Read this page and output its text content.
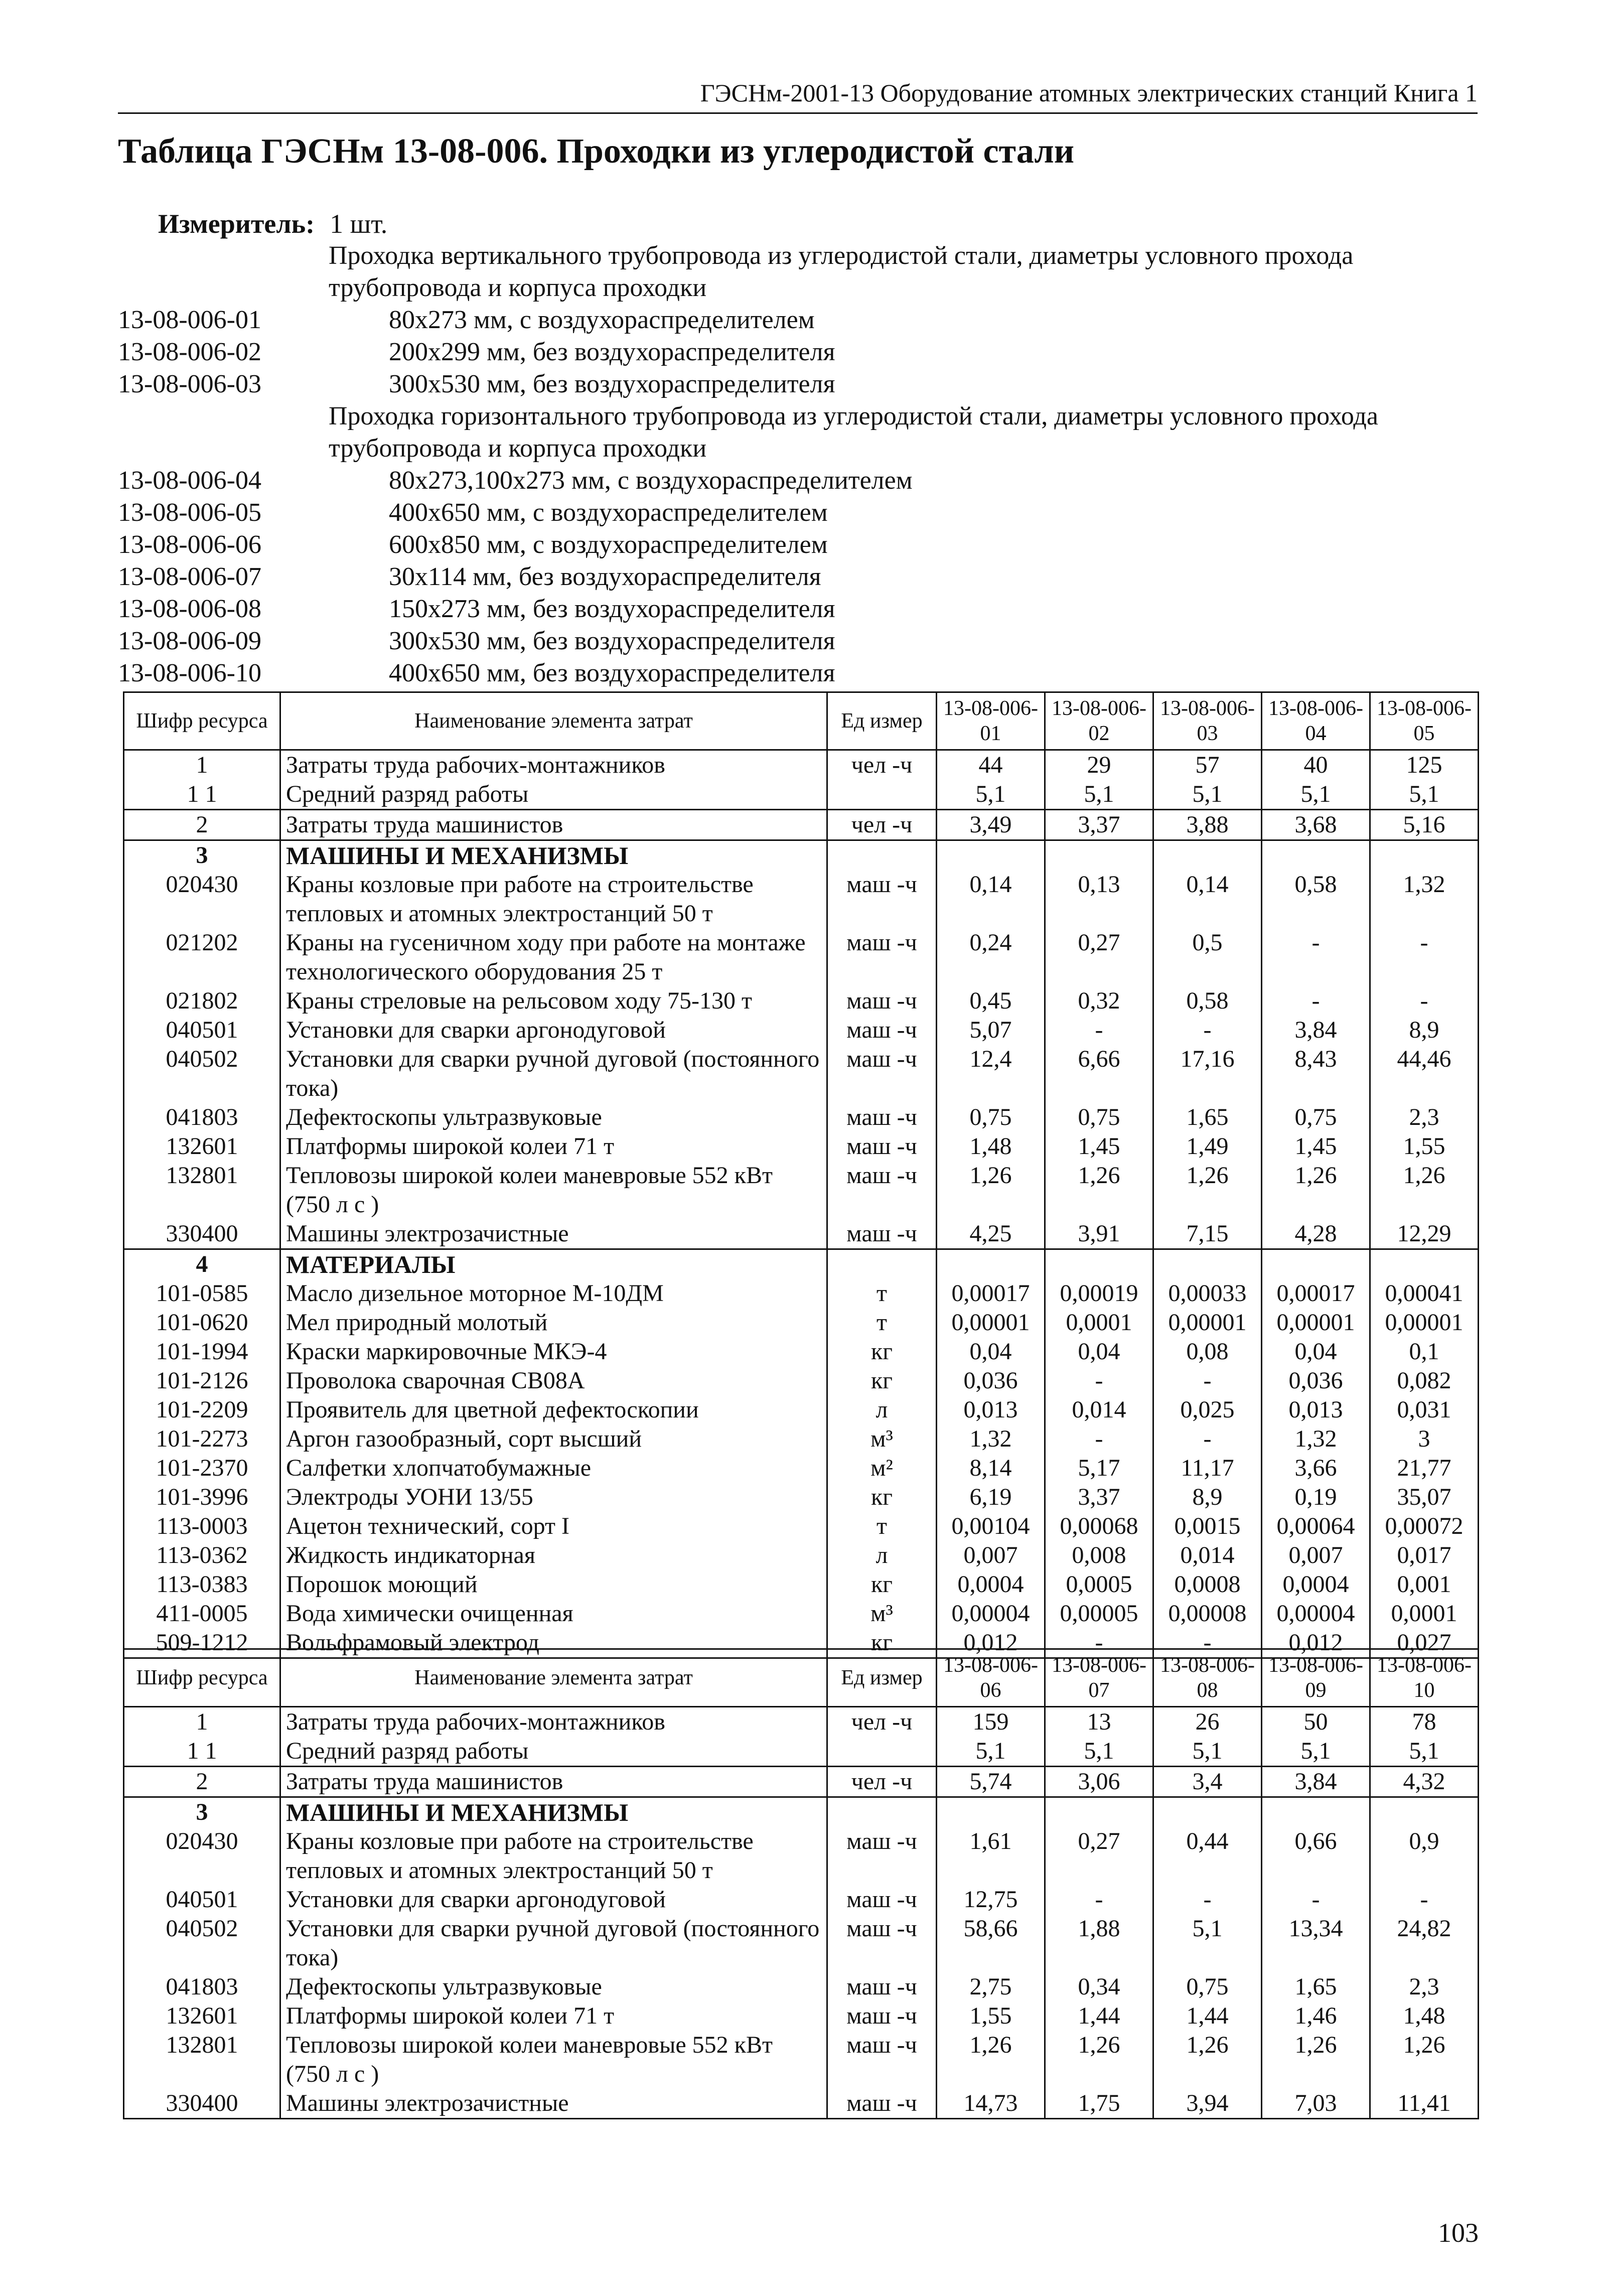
ГЭСНм-2001-13 Оборудование атомных электрических станций Книга 1
Таблица ГЭСНм 13-08-006. Проходки из углеродистой стали
Измеритель: 1 шт.
Проходка вертикального трубопровода из углеродистой стали, диаметры условного прохода трубопровода и корпуса проходки
13-08-006-01	80х273 мм, с воздухораспределителем
13-08-006-02	200х299 мм, без воздухораспределителя
13-08-006-03	300х530 мм, без воздухораспределителя
Проходка горизонтального трубопровода из углеродистой стали, диаметры условного прохода трубопровода и корпуса проходки
13-08-006-04	80х273,100х273 мм, с воздухораспределителем
13-08-006-05	400х650 мм, с воздухораспределителем
13-08-006-06	600х850 мм, с воздухораспределителем
13-08-006-07	30х114 мм, без воздухораспределителя
13-08-006-08	150х273 мм, без воздухораспределителя
13-08-006-09	300х530 мм, без воздухораспределителя
13-08-006-10	400х650 мм, без воздухораспределителя
Шифр ресурса	Наименование элемента затрат	Ед измер	13-08-006-01	13-08-006-02	13-08-006-03	13-08-006-04	13-08-006-05
1	Затраты труда рабочих-монтажников	чел -ч	44	29	57	40	125
1 1	Средний разряд работы		5,1	5,1	5,1	5,1	5,1
2	Затраты труда машинистов	чел -ч	3,49	3,37	3,88	3,68	5,16
3	МАШИНЫ И МЕХАНИЗМЫ						
020430	Краны козловые при работе на строительстве тепловых и атомных электростанций 50 т	маш -ч	0,14	0,13	0,14	0,58	1,32
021202	Краны на гусеничном ходу при работе на монтаже технологического оборудования 25 т	маш -ч	0,24	0,27	0,5	-	-
021802	Краны стреловые на рельсовом ходу 75-130 т	маш -ч	0,45	0,32	0,58	-	-
040501	Установки для сварки аргонодуговой	маш -ч	5,07	-	-	3,84	8,9
040502	Установки для сварки ручной дуговой (постоянного тока)	маш -ч	12,4	6,66	17,16	8,43	44,46
041803	Дефектоскопы ультразвуковые	маш -ч	0,75	0,75	1,65	0,75	2,3
132601	Платформы широкой колеи 71 т	маш -ч	1,48	1,45	1,49	1,45	1,55
132801	Тепловозы широкой колеи маневровые 552 кВт (750 л с )	маш -ч	1,26	1,26	1,26	1,26	1,26
330400	Машины электрозачистные	маш -ч	4,25	3,91	7,15	4,28	12,29
4	МАТЕРИАЛЫ						
101-0585	Масло дизельное моторное М-10ДМ	т	0,00017	0,00019	0,00033	0,00017	0,00041
101-0620	Мел природный молотый	т	0,00001	0,0001	0,00001	0,00001	0,00001
101-1994	Краски маркировочные МКЭ-4	кг	0,04	0,04	0,08	0,04	0,1
101-2126	Проволока сварочная СВ08А	кг	0,036	-	-	0,036	0,082
101-2209	Проявитель для цветной дефектоскопии	л	0,013	0,014	0,025	0,013	0,031
101-2273	Аргон газообразный, сорт высший	м³	1,32	-	-	1,32	3
101-2370	Салфетки хлопчатобумажные	м²	8,14	5,17	11,17	3,66	21,77
101-3996	Электроды УОНИ 13/55	кг	6,19	3,37	8,9	0,19	35,07
113-0003	Ацетон технический, сорт I	т	0,00104	0,00068	0,0015	0,00064	0,00072
113-0362	Жидкость индикаторная	л	0,007	0,008	0,014	0,007	0,017
113-0383	Порошок моющий	кг	0,0004	0,0005	0,0008	0,0004	0,001
411-0005	Вода химически очищенная	м³	0,00004	0,00005	0,00008	0,00004	0,0001
509-1212	Вольфрамовый электрод	кг	0,012	-	-	0,012	0,027
Шифр ресурса	Наименование элемента затрат	Ед измер	13-08-006-06	13-08-006-07	13-08-006-08	13-08-006-09	13-08-006-10
1	Затраты труда рабочих-монтажников	чел -ч	159	13	26	50	78
1 1	Средний разряд работы		5,1	5,1	5,1	5,1	5,1
2	Затраты труда машинистов	чел -ч	5,74	3,06	3,4	3,84	4,32
3	МАШИНЫ И МЕХАНИЗМЫ						
020430	Краны козловые при работе на строительстве тепловых и атомных электростанций 50 т	маш -ч	1,61	0,27	0,44	0,66	0,9
040501	Установки для сварки аргонодуговой	маш -ч	12,75	-	-	-	-
040502	Установки для сварки ручной дуговой (постоянного тока)	маш -ч	58,66	1,88	5,1	13,34	24,82
041803	Дефектоскопы ультразвуковые	маш -ч	2,75	0,34	0,75	1,65	2,3
132601	Платформы широкой колеи 71 т	маш -ч	1,55	1,44	1,44	1,46	1,48
132801	Тепловозы широкой колеи маневровые 552 кВт (750 л с )	маш -ч	1,26	1,26	1,26	1,26	1,26
330400	Машины электрозачистные	маш -ч	14,73	1,75	3,94	7,03	11,41
103
